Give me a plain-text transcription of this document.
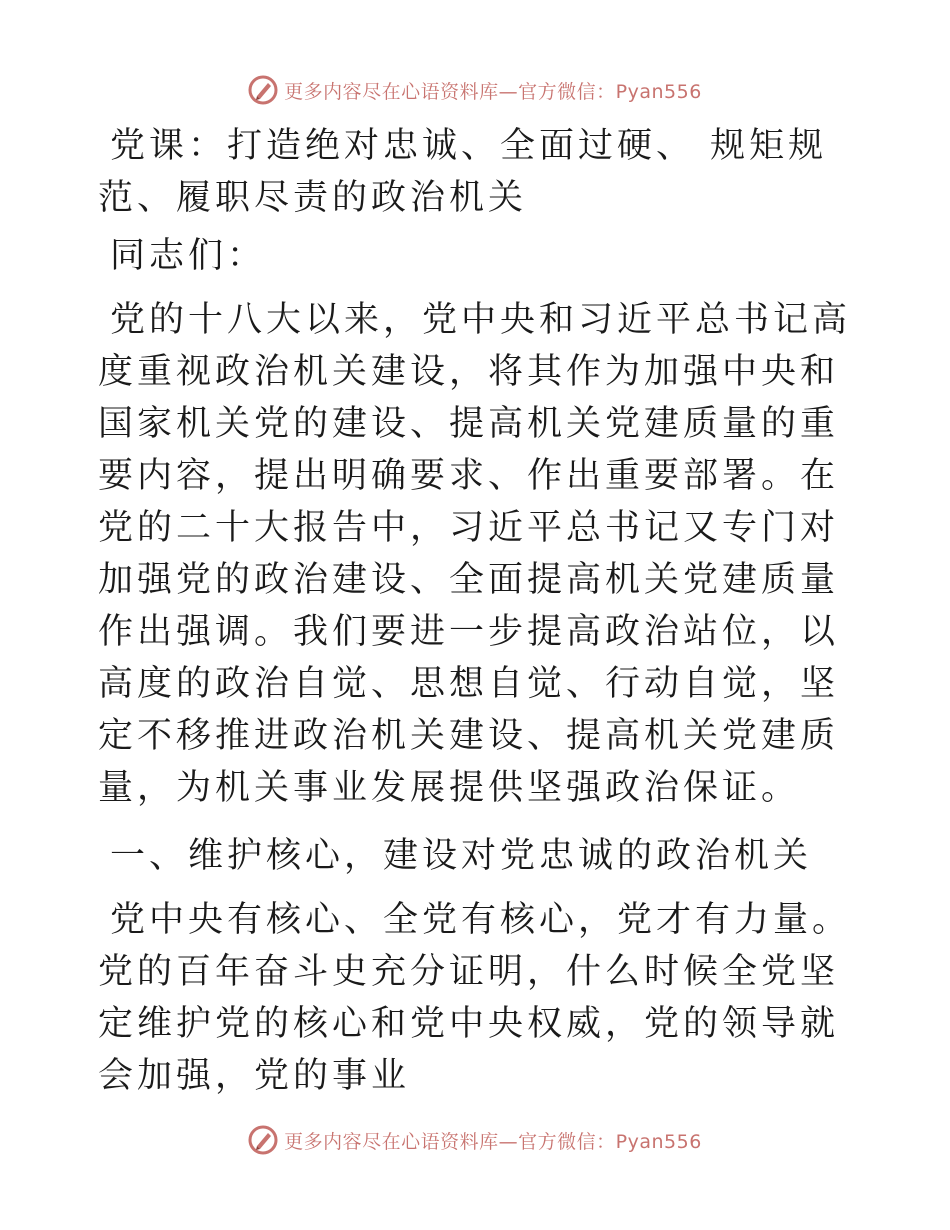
更多内容尽在心语资料库—官方微信：Pyan556

党课：打造绝对忠诚、全面过硬、 规矩规范、履职尽责的政治机关

同志们：

党的十八大以来，党中央和习近平总书记高度重视政治机关建设，将其作为加强中央和国家机关党的建设、提高机关党建质量的重要内容，提出明确要求、作出重要部署。在党的二十大报告中，习近平总书记又专门对加强党的政治建设、全面提高机关党建质量作出强调。我们要进一步提高政治站位，以高度的政治自觉、思想自觉、行动自觉，坚定不移推进政治机关建设、提高机关党建质量，为机关事业发展提供坚强政治保证。

一、维护核心，建设对党忠诚的政治机关

党中央有核心、全党有核心，党才有力量。党的百年奋斗史充分证明，什么时候全党坚定维护党的核心和党中央权威，党的领导就会加强，党的事业

更多内容尽在心语资料库—官方微信：Pyan556
